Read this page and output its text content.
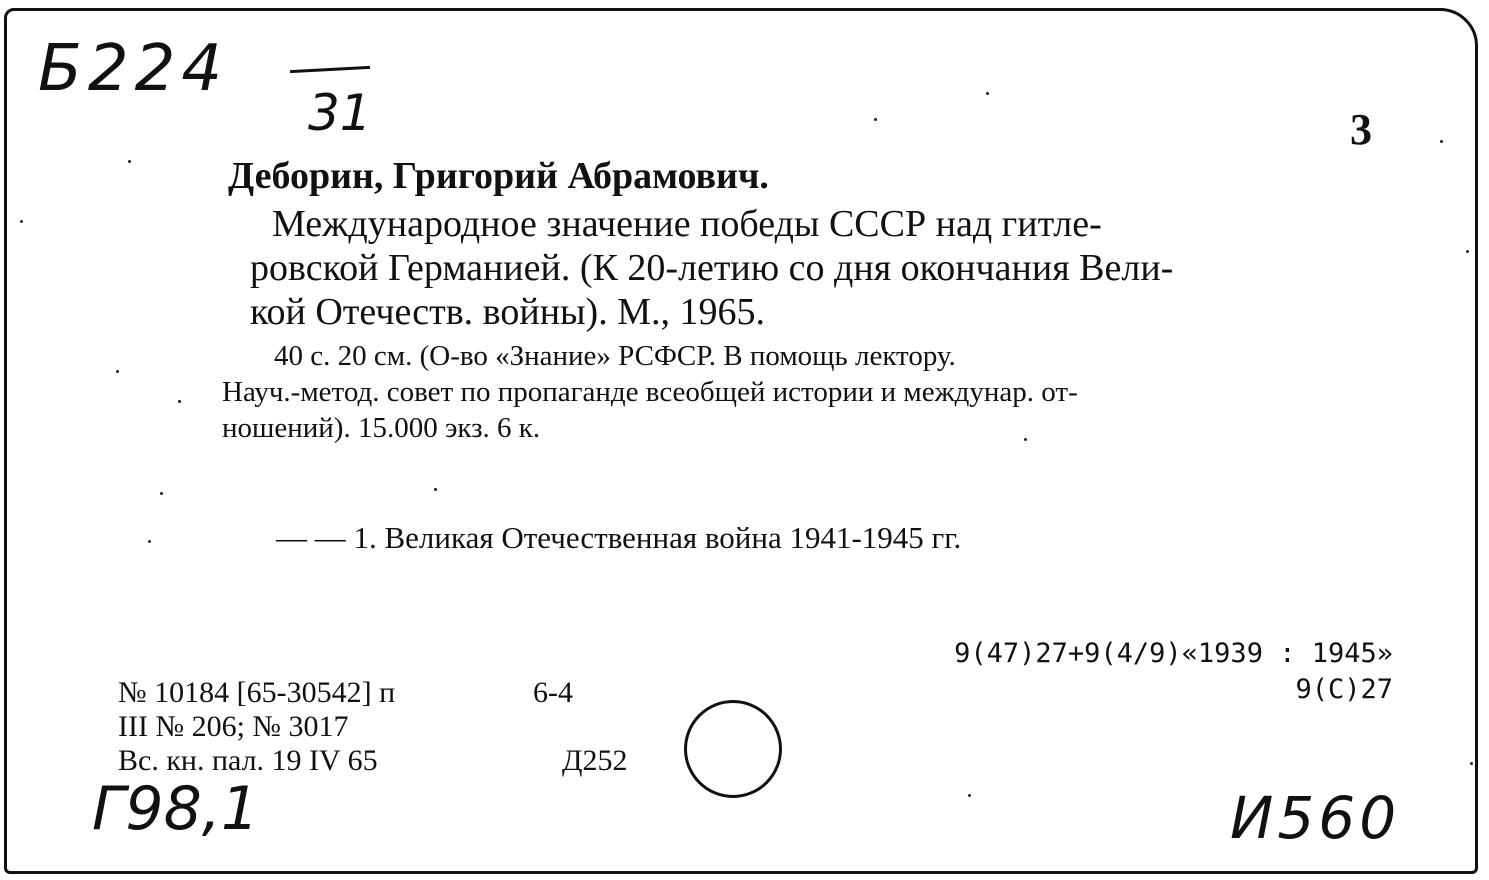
Б224
31	3
Деборин, Григорий Абрамович.
Международное значение победы СССР над гитле-
ровской Германией. (К 20-летию со дня окончания Вели-
кой Отечеств. войны). М., 1965.
40 с. 20 см. (О-во «Знание» РСФСР. В помощь лектору.
Науч.-метод. совет по пропаганде всеобщей истории и междунар. от-
ношений). 15.000 экз. 6 к.
— — 1. Великая Отечественная война 1941-1945 гг.
9(47)27+9(4/9)«1939 : 1945»
9(С)27
№ 10184 [65-30542] п
III № 206; № 3017
Вс. кн. пал. 19 IV 65
6-4
Д252
Г98,1	И560
